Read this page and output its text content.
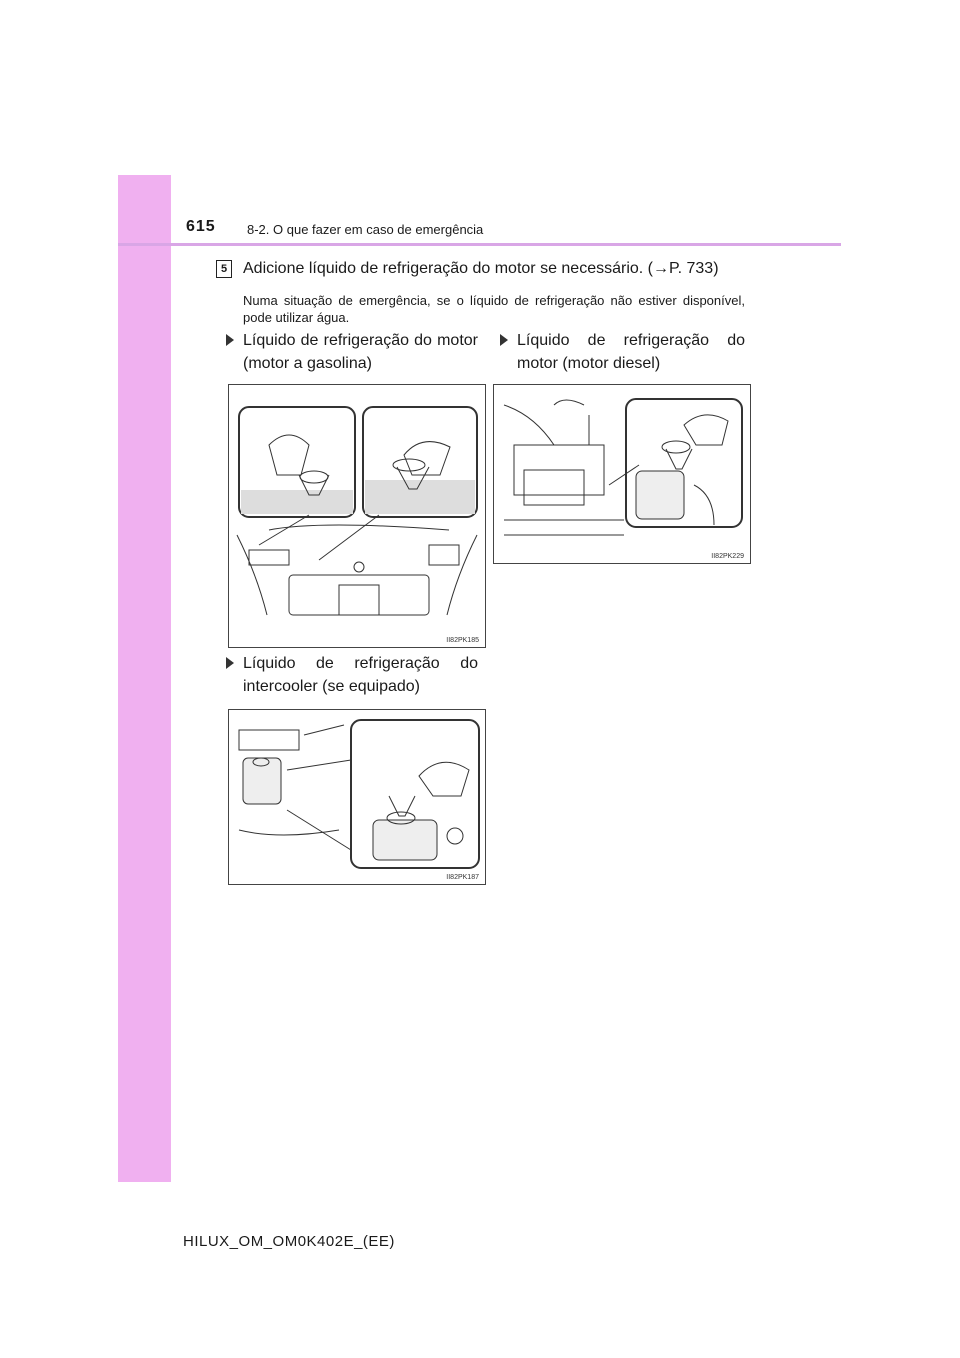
615 8-2. O que fazer em caso de emergência
5 Adicione líquido de refrigeração do motor se necessário. (→P. 733)
Numa situação de emergência, se o líquido de refrigeração não estiver disponível, pode utilizar água.
Líquido de refrigeração do motor (motor a gasolina)
Líquido de refrigeração do motor (motor diesel)
II82PK185
II82PK229
Líquido de refrigeração do intercooler (se equipado)
II82PK187
HILUX_OM_OM0K402E_(EE)
